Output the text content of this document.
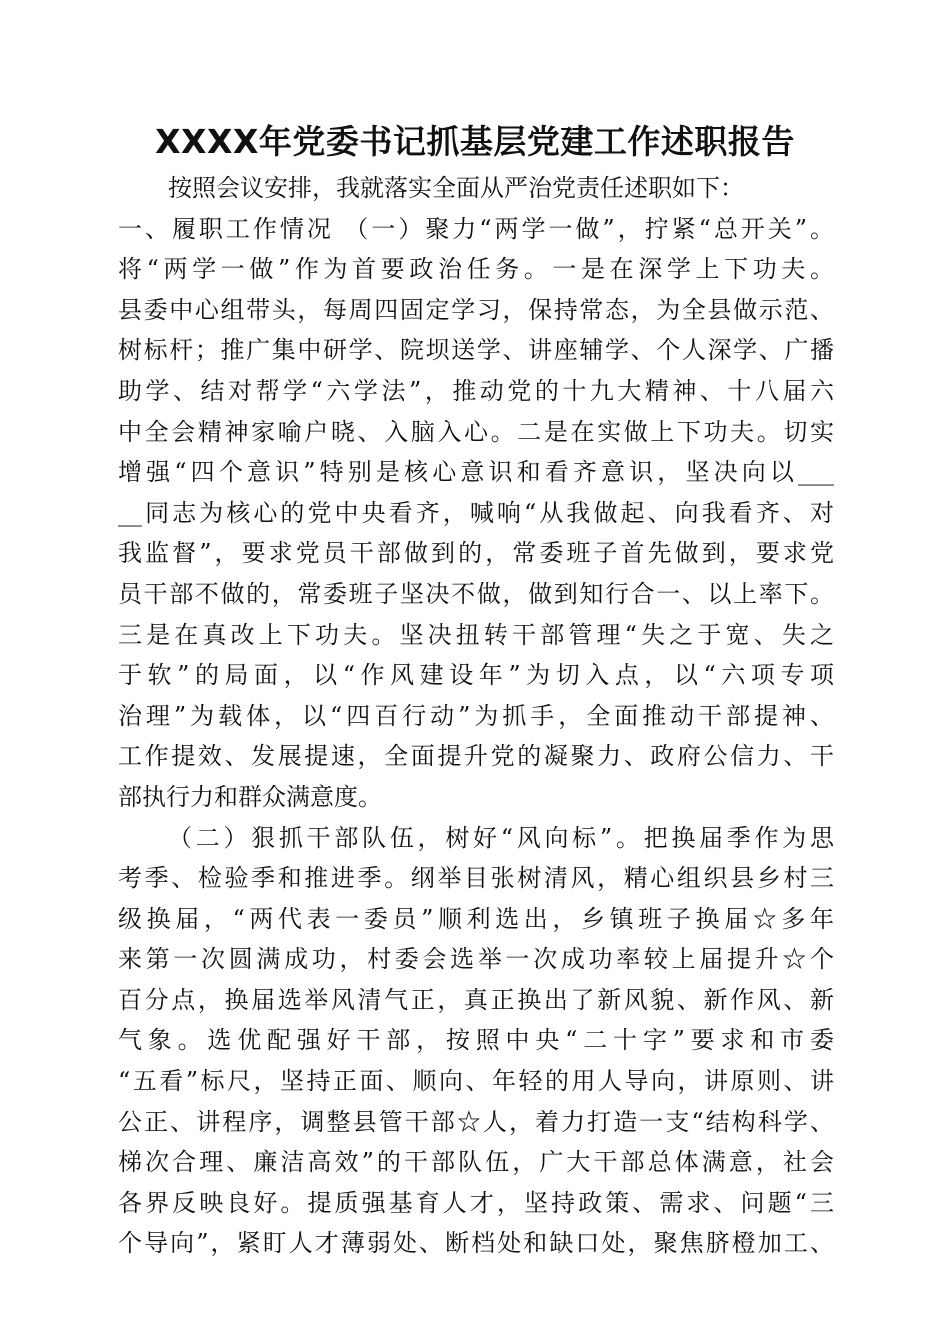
XXXX年党委书记抓基层党建工作述职报告

按照会议安排，我就落实全面从严治党责任述职如下：

一、履职工作情况 （一）聚力“两学一做”，拧紧“总开关”。

将“两学一做”作为首要政治任务。一是在深学上下功夫。

县委中心组带头，每周四固定学习，保持常态，为全县做示范、

树标杆；推广集中研学、院坝送学、讲座辅学、个人深学、广播

助学、结对帮学“六学法”，推动党的十九大精神、十八届六

中全会精神家喻户晓、入脑入心。二是在实做上下功夫。切实

增强“四个意识”特别是核心意识和看齐意识，坚决向以___

__同志为核心的党中央看齐，喊响“从我做起、向我看齐、对

我监督”，要求党员干部做到的，常委班子首先做到，要求党

员干部不做的，常委班子坚决不做，做到知行合一、以上率下。

三是在真改上下功夫。坚决扭转干部管理“失之于宽、失之

于软”的局面，以“作风建设年”为切入点，以“六项专项

治理”为载体，以“四百行动”为抓手，全面推动干部提神、

工作提效、发展提速，全面提升党的凝聚力、政府公信力、干

部执行力和群众满意度。

（二）狠抓干部队伍，树好“风向标”。把换届季作为思

考季、检验季和推进季。纲举目张树清风，精心组织县乡村三

级换届，“两代表一委员”顺利选出，乡镇班子换届☆多年

来第一次圆满成功，村委会选举一次成功率较上届提升☆个

百分点，换届选举风清气正，真正换出了新风貌、新作风、新

气象。选优配强好干部，按照中央“二十字”要求和市委

“五看”标尺，坚持正面、顺向、年轻的用人导向，讲原则、讲

公正、讲程序，调整县管干部☆人，着力打造一支“结构科学、

梯次合理、廉洁高效”的干部队伍，广大干部总体满意，社会

各界反映良好。提质强基育人才，坚持政策、需求、问题“三

个导向”，紧盯人才薄弱处、断档处和缺口处，聚焦脐橙加工、
